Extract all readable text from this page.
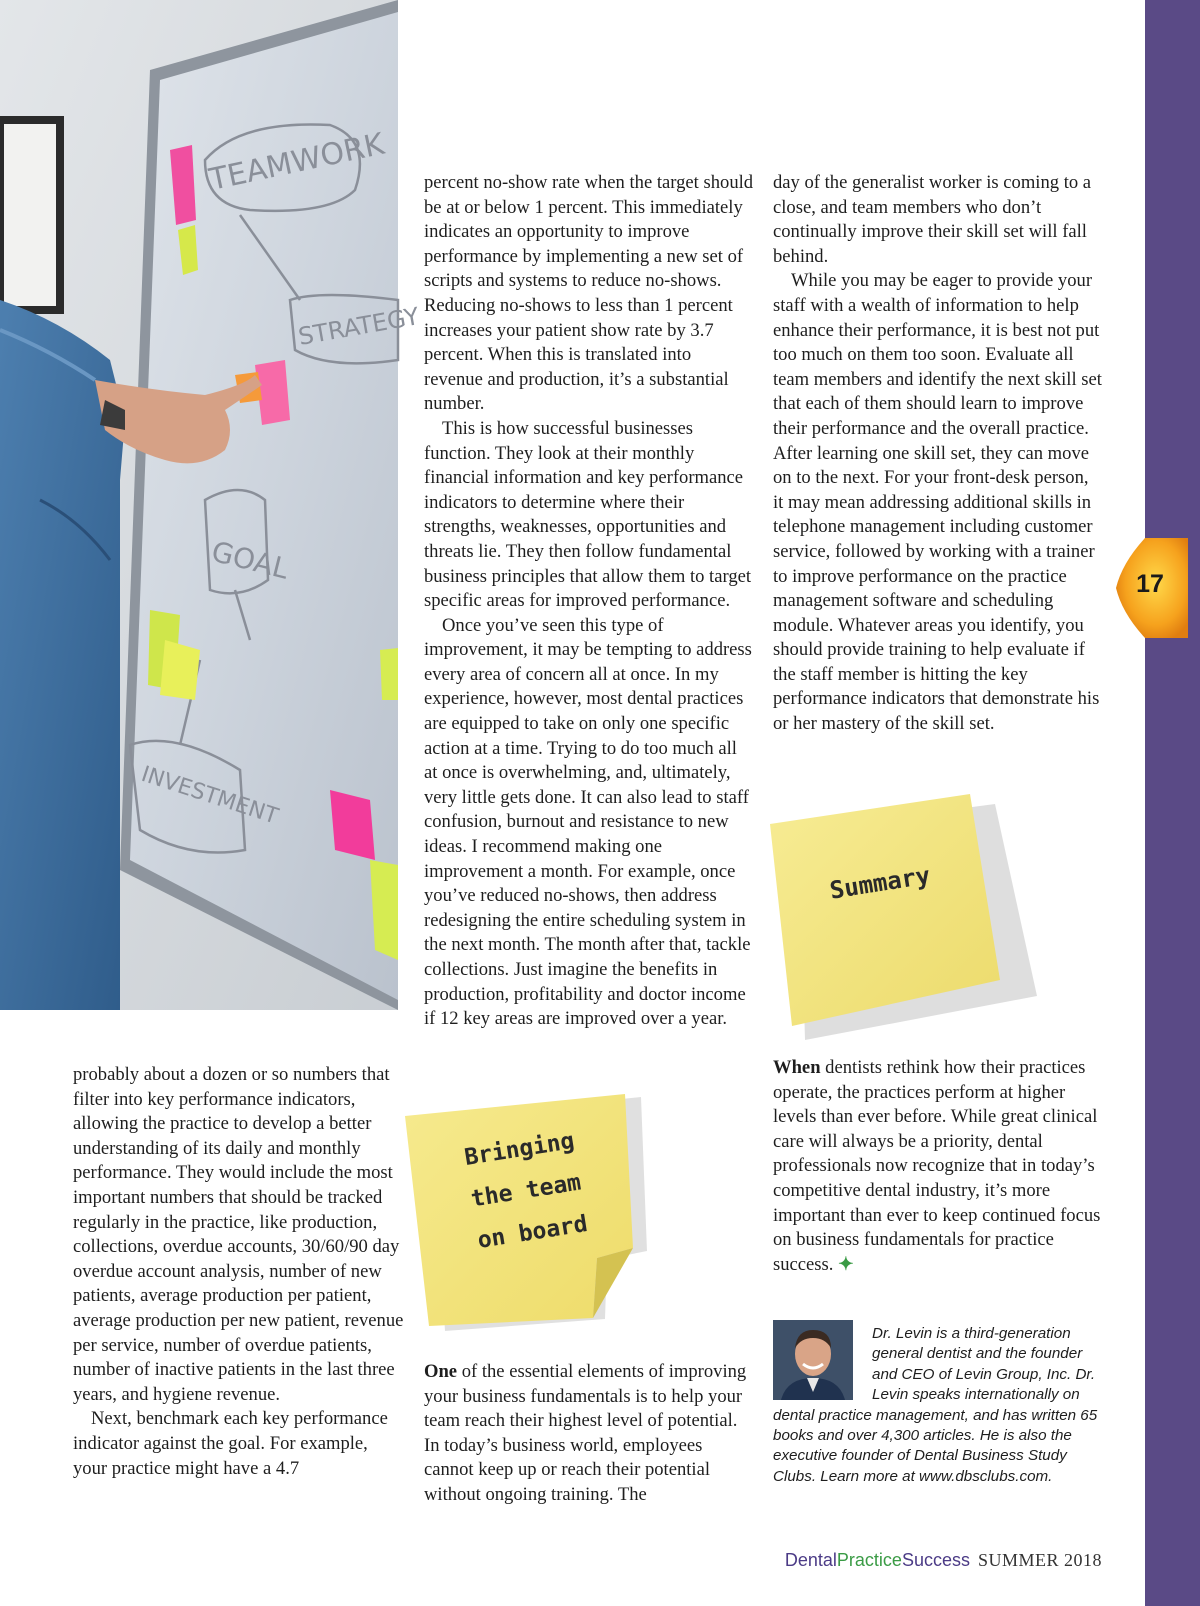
TEAMWORK
STRATEGY
GOAL
INVESTMENT

probably about a dozen or so numbers that filter into key performance indicators, allowing the practice to develop a better understanding of its daily and monthly performance. They would include the most important numbers that should be tracked regularly in the practice, like production, collections, overdue accounts, 30/60/90 day overdue account analysis, number of new patients, average production per patient, average production per new patient, revenue per service, number of overdue patients, number of inactive patients in the last three years, and hygiene revenue.

Next, benchmark each key performance indicator against the goal. For example, your practice might have a 4.7

percent no-show rate when the target should be at or below 1 percent. This immediately indicates an opportunity to improve performance by implementing a new set of scripts and systems to reduce no-shows. Reducing no-shows to less than 1 percent increases your patient show rate by 3.7 percent. When this is translated into revenue and production, it’s a substantial number.

This is how successful businesses function. They look at their monthly financial information and key performance indicators to determine where their strengths, weaknesses, opportunities and threats lie. They then follow fundamental business principles that allow them to target specific areas for improved performance.

Once you’ve seen this type of improvement, it may be tempting to address every area of concern all at once. In my experience, however, most dental practices are equipped to take on only one specific action at a time. Trying to do too much all at once is overwhelming, and, ultimately, very little gets done. It can also lead to staff confusion, burnout and resistance to new ideas. I recommend making one improvement a month. For example, once you’ve reduced no-shows, then address redesigning the entire scheduling system in the next month. The month after that, tackle collections. Just imagine the benefits in production, profitability and doctor income if 12 key areas are improved over a year.

Bringing
the team
on board

One of the essential elements of improving your business fundamentals is to help your team reach their highest level of potential. In today’s business world, employees cannot keep up or reach their potential without ongoing training. The

day of the generalist worker is coming to a close, and team members who don’t continually improve their skill set will fall behind.

While you may be eager to provide your staff with a wealth of information to help enhance their performance, it is best not put too much on them too soon. Evaluate all team members and identify the next skill set that each of them should learn to improve their performance and the overall practice. After learning one skill set, they can move on to the next. For your front-desk person, it may mean addressing additional skills in telephone management including customer service, followed by working with a trainer to improve performance on the practice management software and scheduling module. Whatever areas you identify, you should provide training to help evaluate if the staff member is hitting the key performance indicators that demonstrate his or her mastery of the skill set.

Summary

When dentists rethink how their practices operate, the practices perform at higher levels than ever before. While great clinical care will always be a priority, dental professionals now recognize that in today’s competitive dental industry, it’s more important than ever to keep continued focus on business fundamentals for practice success. ✦

Dr. Levin is a third-generation general dentist and the founder and CEO of Levin Group, Inc. Dr. Levin speaks internationally on dental practice management, and has written 65 books and over 4,300 articles. He is also the executive founder of Dental Business Study Clubs. Learn more at www.dbsclubs.com.
17
DentalPracticeSuccess SUMMER 2018
